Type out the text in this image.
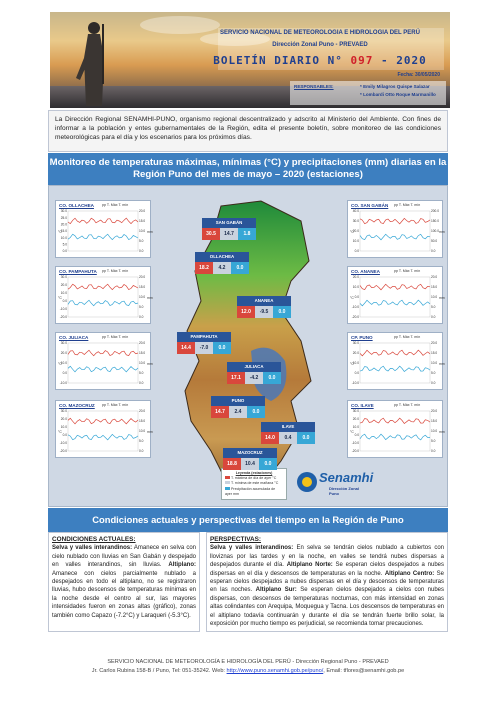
SERVICIO NACIONAL DE METEOROLOGIA E HIDROLOGIA DEL PERÚ
Dirección Zonal Puno - PREVAED
BOLETÍN DIARIO N° 097 - 2020
Fecha: 30/05/2020
RESPONSABLES:	* Emily Milagros Quispe Salazar
* Lombardi Otto Roque Marmanillo
La Dirección Regional SENAMHI-PUNO, organismo regional descentralizado y adscrito al Ministerio del Ambiente. Con fines de informar a la población y entes gubernamentales de la Región, edita el presente boletín, sobre monitoreo de las condiciones meteorológicas para el día y los escenarios para los próximos días.
Monitoreo de temperaturas máximas, mínimas (°C) y precipitaciones (mm) diarias en la Región Puno del mes de mayo – 2020 (estaciones)
Leyenda (estaciones)
T. máxima de día de ayer °C
T. mínima de este mañana °C
Precipitación acumulada de ayer mm
Senamhi
Dirección Zonal Puno
SAN GABÁN
30.5	14.7	1.8
OLLACHEA
18.2	4.2	0.0
ANANEA
12.0	-9.5	0.0
PAMPAHUTA
14.4	-7.0	0.0
JULIACA
17.1	-4.2	0.0
PUNO
14.7	2.4	0.0
ILAVE
14.0	0.4	0.0
MAZOCRUZ
18.8	10.4	0.0
30.0
25.0
20.0
15.0
10.0
5.0
0.0
20.0
15.0
10.0
5.0
0.0
°C	mm
CO. OLLACHEA pp T. Máx T. mín
30.0
20.0
10.0
0.0
-10.0
-20.0
20.0
15.0
10.0
5.0
0.0
°C	mm
CO. PAMPAHUTA pp T. Máx T. mín
30.0
20.0
10.0
0.0
-10.0
20.0
15.0
10.0
5.0
0.0
°C	mm
CO. JULIACA	pp T. Máx T. mín
30.0
20.0
10.0
0.0
-10.0
-20.0
20.0
15.0
10.0
5.0
0.0
°C	mm
CO. MAZOCRUZ pp T. Máx T. mín
40.0
30.0
20.0
10.0
0.0
200.0
150.0
100.0
50.0
0.0
°C	mm
CO. SAN GABÁN pp T. Máx T. mín
20.0
10.0
0.0
-10.0
-20.0
20.0
15.0
10.0
5.0
0.0
°C	mm
CO. ANANEA	pp T. Máx T. mín
30.0
20.0
10.0
0.0
-10.0
20.0
15.0
10.0
5.0
0.0
°C	mm
CP. PUNO	pp T. Máx T. mín
30.0
20.0
10.0
0.0
-10.0
-20.0
20.0
15.0
10.0
5.0
0.0
°C	mm
CO. ILAVE	pp T. Máx T. mín
Condiciones actuales y perspectivas del tiempo en la Región de Puno
CONDICIONES ACTUALES:
Selva y valles interandinos: Amanece en selva con cielo nublado con lluvias en San Gabán y despejado en valles interandinos, sin lluvias. Altiplano: Amanece con cielos parcialmente nublado a despejados en todo el altiplano, no se registraron lluvias, hubo descensos de temperaturas mínimas en la noche desde el centro al sur, las mayores intensidades fueron en zonas altas (gráfico), zonas también como Capazo (-7.2°C) y Laraqueri (-5.3°C).
PERSPECTIVAS:
Selva y valles interandinos: En selva se tendrán cielos nublado a cubiertos con lloviznas por las tardes y en la noche, en valles se tendrá nubes dispersas a despejados durante el día. Altiplano Norte: Se esperan cielos despejados a nubes dispersas en el día y descensos de temperaturas en la noche. Altiplano Centro: Se esperan cielos despejados a nubes dispersas en el día y descensos de temperaturas en las noches. Altiplano Sur: Se esperan cielos despejados a cielos con nubes dispersas, con descensos de temperaturas nocturnas, con más intensidad en zonas altas colindantes con Arequipa, Moquegua y Tacna. Los descensos de temperaturas en el altiplano todavía continuarán y durante el día se tendrán fuerte brillo solar, la exposición por mucho tiempo es perjudicial, se recomienda tomar precauciones.
SERVICIO NACIONAL DE METEOROLOGÍA E HIDROLOGÍA DEL PERÚ - Dirección Regional Puno - PREVAED
Jr. Carlos Rubina 158-B / Puno, Tel: 051-35242. Web: http://www.puno.senamhi.gob.pe/puno/, Email: tflores@senamhi.gob.pe
